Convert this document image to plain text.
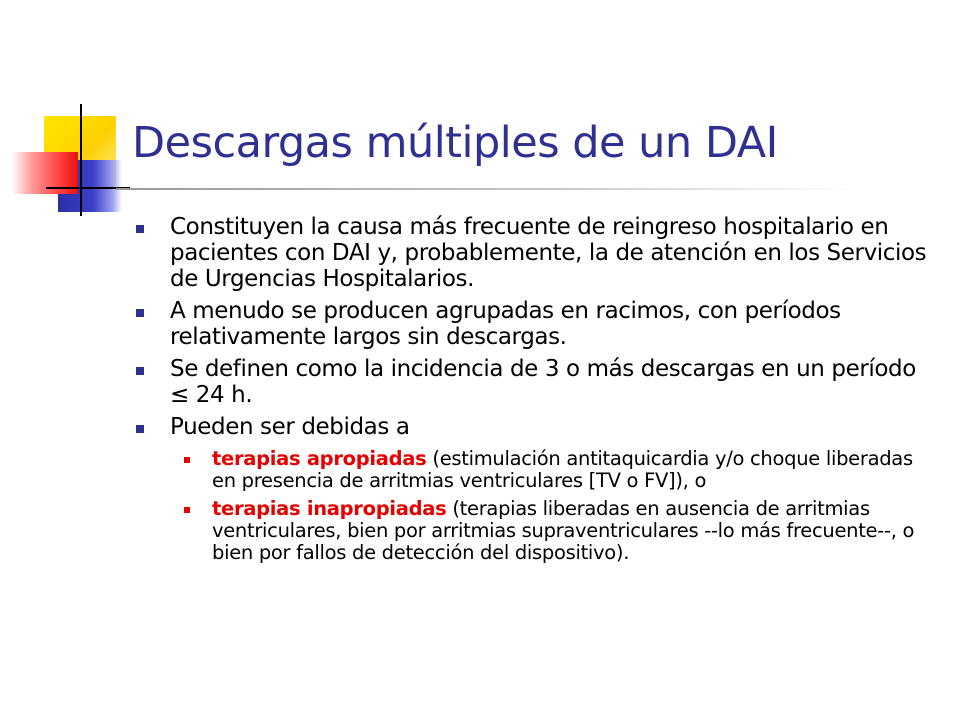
Descargas múltiples de un DAI
Constituyen la causa más frecuente de reingreso hospitalario en pacientes con DAI y, probablemente, la de atención en los Servicios de Urgencias Hospitalarios.
A menudo se producen agrupadas en racimos, con períodos relativamente largos sin descargas.
Se definen como la incidencia de 3 o más descargas en un período ≤ 24 h.
Pueden ser debidas a
terapias apropiadas (estimulación antitaquicardia y/o choque liberadas en presencia de arritmias ventriculares [TV o FV]), o
terapias inapropiadas (terapias liberadas en ausencia de arritmias ventriculares, bien por arritmias supraventriculares --lo más frecuente--, o bien por fallos de detección del dispositivo).
